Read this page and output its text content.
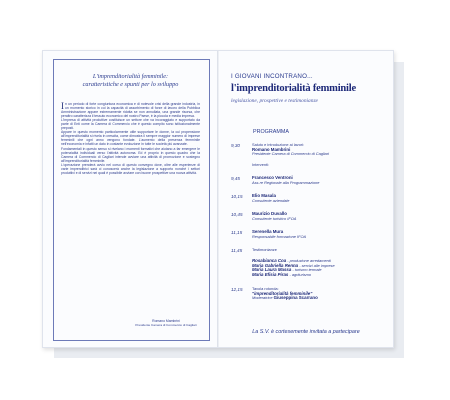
L'imprenditorialità femminile:
caratteristiche e spunti per lo sviluppo

In un periodo di forte congiuntura economica e di notevole crisi della grande industria, in un momento storico in cui la capacità di assorbimento di forze di lavoro della Pubblica Amministrazione appare estremamente ridotta se non annullata, una grande risorsa, che peraltro caratterizza il tessuto economico del nostro Paese, è la piccola e media impresa.

L'impresa di attività produttive costituisce un settore che va incoraggiato e supportato da parte di Enti come la Camera di Commercio che è questo compito sono istituzionalmente preposti.

Appare in questo momento particolarmente utile supportare le donne, la cui propensione all'imprenditorialità si rivela in crescita, come dimostra il sempre maggior numero di imprese femminili che ogni anno vengono fondate. L'aumento della presenza femminile nell'economia e infatti un dato in costante evoluzione in tutte le società più avanzate.

Fondamentali in questo senso si rivelano i momenti formativi che aiutano a far emergere le potenzialità individuali verso l'attività autonoma. Ed è proprio in questo quadro che la Camera di Commercio di Cagliari intende avviare una attività di promozione e sostegno all'imprenditorialità femminile.

L'operazione prenderà avvio nel corso di questo convegno dove, oltre alle esperienze di varie imprenditrici sarà ci conoscerà anche la legislazione a supporto nonché i settori produttivi e di servizi nei quali è possibile avviare con buone prospettive una nuova attività.

Romano Mambrini
Presidente Camera di Commercio di Cagliari
I GIOVANI INCONTRANO...
l'imprenditorialità femminile
legislazione, prospettive e testimonianze
PROGRAMMA
9,30	Saluto e introduzione ai lavori:
Romano Mambrini
Presidente Camera di Commercio di Cagliari
Interventi:
9,45	Francesco Ventroni
Ass.re Regionale alla Programmazione
10,15 Elio Masala
Consulente aziendale
10,45 Maurizio Duvallo
Consulente turistico IFOA
11,15 Serenella Mura
Responsabile formazione IFOA
11,45	Testimonianze
Rosabianca Coa - produzione arredamenti
Maria Gabriella Renna - servizi alle imprese
Maria Laura Massa - turismo termale
Maria Efisia Piras - agriturismo
12,15 Tavola rotonda:
"imprenditorialità femminile"
Moderatrice Giuseppina Scarrano
La S.V. è cortesemente invitata a partecipare
